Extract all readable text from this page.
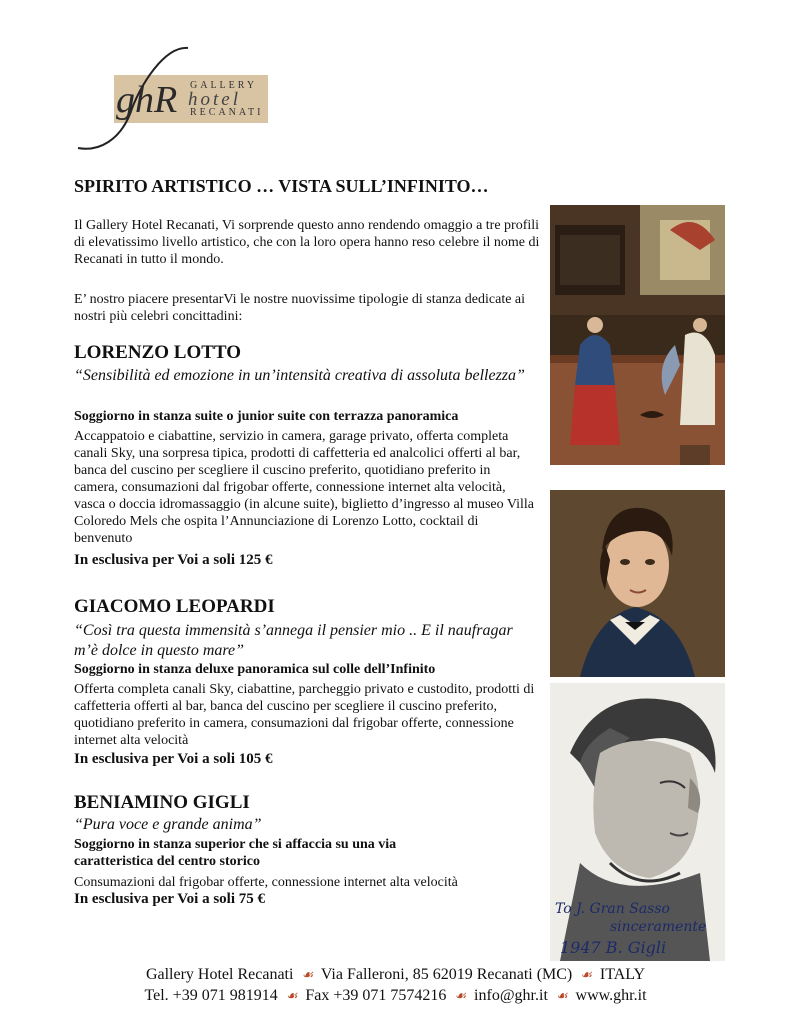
ghR GALLERY
hotel
RECANATI
SPIRITO ARTISTICO … VISTA SULL’INFINITO…
Il Gallery Hotel Recanati, Vi sorprende questo anno rendendo omaggio a tre profili di elevatissimo livello artistico, che con la loro opera hanno reso celebre il nome di Recanati in tutto il mondo.
E’ nostro piacere presentarVi le nostre nuovissime tipologie di stanza dedicate ai nostri più celebri concittadini:
LORENZO LOTTO
“Sensibilità ed emozione in un’intensità creativa di assoluta bellezza”
Soggiorno in stanza suite o junior suite con terrazza panoramica
Accappatoio e ciabattine, servizio in camera, garage privato, offerta completa canali Sky, una sorpresa tipica, prodotti di caffetteria ed analcolici offerti al bar, banca del cuscino per scegliere il cuscino preferito, quotidiano preferito in camera, consumazioni dal frigobar offerte, connessione internet alta velocità, vasca o doccia idromassaggio (in alcune suite), biglietto d’ingresso al museo Villa Coloredo Mels che ospita l’Annunciazione di Lorenzo Lotto, cocktail di benvenuto
In esclusiva per Voi a soli 125 €
GIACOMO LEOPARDI
“Così tra questa immensità s’annega il pensier mio .. E il naufragar m’è dolce in questo mare”
Soggiorno in stanza deluxe panoramica sul colle dell’Infinito
Offerta completa canali Sky, ciabattine, parcheggio privato e custodito, prodotti di caffetteria offerti al bar, banca del cuscino per scegliere il cuscino preferito, quotidiano preferito in camera, consumazioni dal frigobar offerte, connessione internet alta velocità
In esclusiva per Voi a soli 105 €
BENIAMINO GIGLI
“Pura voce e grande anima”
Soggiorno in stanza superior che si affaccia su una via caratteristica del centro storico
Consumazioni dal frigobar offerte, connessione internet alta velocità
In esclusiva per Voi a soli 75 €
To J. Gran Sasso
sinceramente
1947 B. Gigli
Gallery Hotel Recanati ☙ Via Falleroni, 85 62019 Recanati (MC) ☙ ITALY
Tel. +39 071 981914 ☙ Fax +39 071 7574216 ☙ info@ghr.it ☙ www.ghr.it
